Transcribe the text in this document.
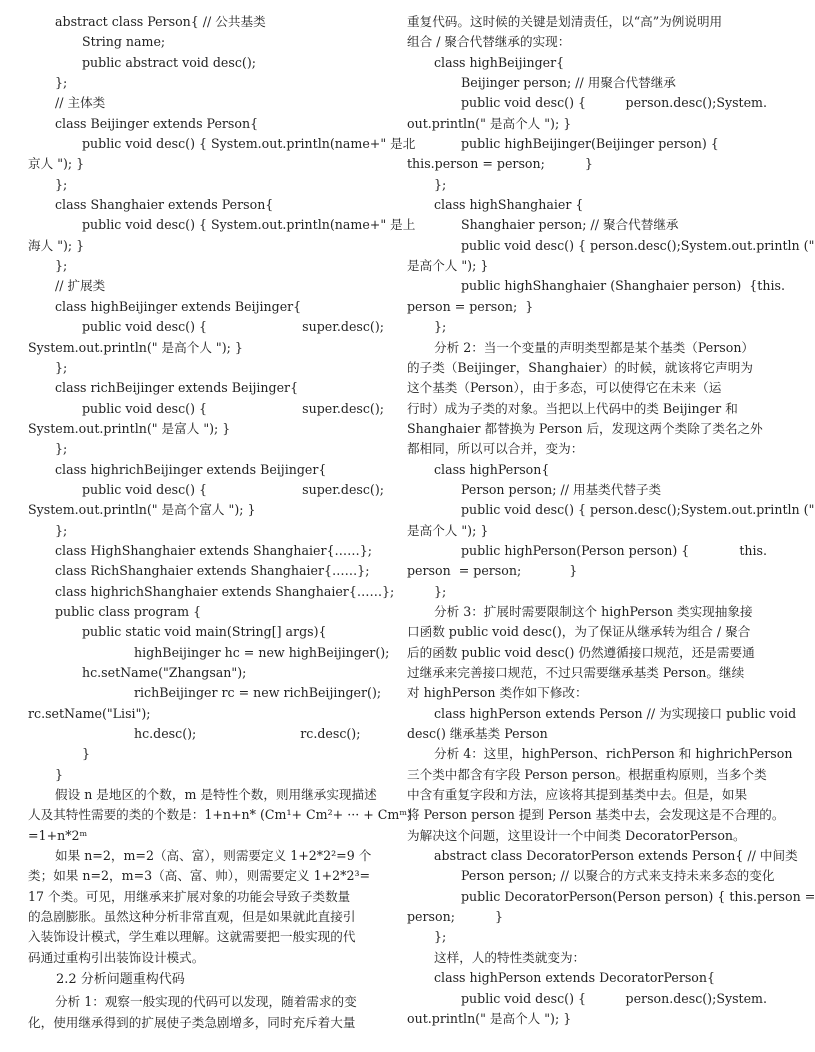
abstract class Person{ // 公共基类
String name;
public abstract void desc();
};
// 主体类
class Beijinger extends Person{
public void desc() { System.out.println(name+" 是北
京人 "); }
};
class Shanghaier extends Person{
public void desc() { System.out.println(name+" 是上
海人 "); }
};
// 扩展类
class highBeijinger extends Beijinger{
public void desc() {	super.desc();
System.out.println(" 是高个人 "); }
};
class richBeijinger extends Beijinger{
public void desc() {	super.desc();
System.out.println(" 是富人 "); }
};
class highrichBeijinger extends Beijinger{
public void desc() {	super.desc();
System.out.println(" 是高个富人 "); }
};
class HighShanghaier extends Shanghaier{……};
class RichShanghaier extends Shanghaier{……};
class highrichShanghaier extends Shanghaier{……};
public class program {
public static void main(String[] args){
highBeijinger hc = new highBeijinger();
hc.setName("Zhangsan");
richBeijinger rc = new richBeijinger();
rc.setName("Lisi");
hc.desc();	rc.desc();
}
}
假设 n 是地区的个数，m 是特性个数，则用继承实现描述
人及其特性需要的类的个数是：1+n+n* (Cm¹+ Cm²+ ··· + Cmᵐ)
=1+n*2ᵐ
如果 n=2，m=2（高、富），则需要定义 1+2*2²=9 个
类；如果 n=2，m=3（高、富、帅），则需要定义 1+2*2³=
17 个类。可见，用继承来扩展对象的功能会导致子类数量
的急剧膨胀。虽然这种分析非常直观，但是如果就此直接引
入装饰设计模式，学生难以理解。这就需要把一般实现的代
码通过重构引出装饰设计模式。
2.2 分析问题重构代码
分析 1：观察一般实现的代码可以发现，随着需求的变
化，使用继承得到的扩展使子类急剧增多，同时充斥着大量
重复代码。这时候的关键是划清责任，以“高”为例说明用
组合 / 聚合代替继承的实现：
class highBeijinger{
Beijinger person; // 用聚合代替继承
public void desc() {	person.desc();System.
out.println(" 是高个人 "); }
public highBeijinger(Beijinger person) {
this.person = person;          }
};
class highShanghaier {
Shanghaier person; // 聚合代替继承
public void desc() { person.desc();System.out.println ("
是高个人 "); }
public highShanghaier (Shanghaier person)  { this.
person = person;  }
};
分析 2：当一个变量的声明类型都是某个基类（Person）
的子类（Beijinger，Shanghaier）的时候，就该将它声明为
这个基类（Person），由于多态，可以使得它在未来（运
行时）成为子类的对象。当把以上代码中的类 Beijinger 和
Shanghaier 都替换为 Person 后，发现这两个类除了类名之外
都相同，所以可以合并，变为：
class highPerson{
Person person; // 用基类代替子类
public void desc() { person.desc();System.out.println ("
是高个人 "); }
public highPerson(Person person) {	this.
person  = person;            }
};
分析 3：扩展时需要限制这个 highPerson 类实现抽象接
口函数 public void desc()，为了保证从继承转为组合 / 聚合
后的函数 public void desc() 仍然遵循接口规范，还是需要通
过继承来完善接口规范，不过只需要继承基类 Person。继续
对 highPerson 类作如下修改：
class highPerson extends Person // 为实现接口 public void
desc() 继承基类 Person
分析 4：这里，highPerson、richPerson 和 highrichPerson
三个类中都含有字段 Person person。根据重构原则，当多个类
中含有重复字段和方法，应该将其提到基类中去。但是，如果
将 Person person 提到 Person 基类中去，会发现这是不合理的。
为解决这个问题，这里设计一个中间类 DecoratorPerson。
abstract class DecoratorPerson extends Person{ // 中间类
Person person; // 以聚合的方式来支持未来多态的变化
public DecoratorPerson(Person person) { this.person =
person;          }
};
这样，人的特性类就变为：
class highPerson extends DecoratorPerson{
public void desc() {	person.desc();System.
out.println(" 是高个人 "); }
